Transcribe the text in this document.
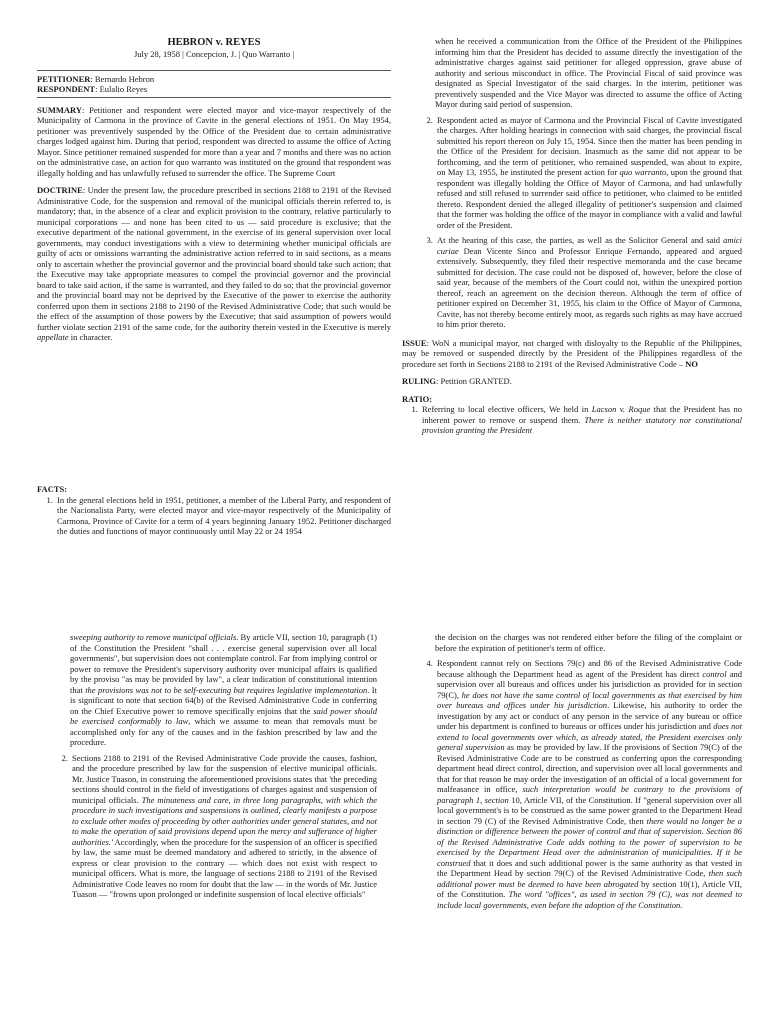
HEBRON v. REYES
July 28, 1958 | Concepcion, J. | Quo Warranto |
PETITIONER: Bernardo Hebron
RESPONDENT: Eulalio Reyes

SUMMARY: Petitioner and respondent were elected mayor and vice-mayor respectively of the Municipality of Carmona in the province of Cavite in the general elections of 1951. On May 1954, petitioner was preventively suspended by the Office of the President due to certain administrative charges lodged against him. During that period, respondent was directed to assume the office of Acting Mayor. Since petitioner remained suspended for more than a year and 7 months and there was no action on the administrative case, an action for quo warranto was instituted on the ground that respondent was illegally holding and has unlawfully refused to surrender the office. The Supreme Court

DOCTRINE: Under the present law, the procedure prescribed in sections 2188 to 2191 of the Revised Administrative Code, for the suspension and removal of the municipal officials therein referred to, is mandatory; that, in the absence of a clear and explicit provision to the contrary, relative particularly to municipal corporations — and none has been cited to us — said procedure is exclusive; that the executive department of the national government, in the exercise of its general supervision over local governments, may conduct investigations with a view to determining whether municipal officials are guilty of acts or omissions warranting the administrative action referred to in said sections, as a means only to ascertain whether the provincial governor and the provincial board should take such action; that the Executive may take appropriate measures to compel the provincial governor and the provincial board to take said action, if the same is warranted, and they failed to do so; that the provincial governor and the provincial board may not be deprived by the Executive of the power to exercise the authority conferred upon them in sections 2188 to 2190 of the Revised Administrative Code; that such would be the effect of the assumption of those powers by the Executive; that said assumption of powers would further violate section 2191 of the same code, for the authority therein vested in the Executive is merely appellate in character.

FACTS:
1. In the general elections held in 1951, petitioner, a member of the Liberal Party, and respondent of the Nacionalista Party, were elected mayor and vice-mayor respectively of the Municipality of Carmona, Province of Cavite for a term of 4 years beginning January 1952. Petitioner discharged the duties and functions of mayor continuously until May 22 or 24 1954
when he received a communication from the Office of the President of the Philippines informing him that the President has decided to assume directly the investigation of the administrative charges against said petitioner for alleged oppression, grave abuse of authority and serious misconduct in office. The Provincial Fiscal of said province was designated as Special Investigator of the said charges. In the interim, petitioner was preventively suspended and the Vice Mayor was directed to assume the office of Acting Mayor during said period of suspension.
2. Respondent acted as mayor of Carmona and the Provincial Fiscal of Cavite investigated the charges. After holding hearings in connection with said charges, the provincial fiscal submitted his report thereon on July 15, 1954. Since then the matter has been pending in the Office of the President for decision. Inasmuch as the same did not appear to be forthcoming, and the term of petitioner, who remained suspended, was about to expire, on May 13, 1955, he instituted the present action for quo warranto, upon the ground that respondent was illegally holding the Office of Mayor of Carmona, and had unlawfully refused and still refused to surrender said office to petitioner, who claimed to be entitled thereto. Respondent denied the alleged illegality of petitioner's suspension and claimed that the former was holding the office of the mayor in compliance with a valid and lawful order of the President.
3. At the hearing of this case, the parties, as well as the Solicitor General and said amici curiae Dean Vicente Sinco and Professor Enrique Fernando, appeared and argued extensively. Subsequently, they filed their respective memoranda and the case became submitted for decision. The case could not be disposed of, however, before the close of said year, because of the members of the Court could not, within the unexpired portion thereof, reach an agreement on the decision thereon. Although the term of office of petitioner expired on December 31, 1955, his claim to the Office of Mayor of Carmona, Cavite, has not thereby become entirely moot, as regards such rights as may have accrued to him prior thereto.

ISSUE: WoN a municipal mayor, not charged with disloyalty to the Republic of the Philippines, may be removed or suspended directly by the President of the Philippines regardless of the procedure set forth in Sections 2188 to 2191 of the Revised Administrative Code – NO

RULING: Petition GRANTED.

RATIO:
1. Referring to local elective officers, We held in Lacson v. Roque that the President has no inherent power to remove or suspend them. There is neither statutory nor constitutional provision granting the President
sweeping authority to remove municipal officials. By article VII, section 10, paragraph (1) of the Constitution the President "shall . . . exercise general supervision over all local governments", but supervision does not contemplate control. Far from implying control or power to remove the President's supervisory authority over municipal affairs is qualified by the proviso "as may be provided by law", a clear indication of constitutional intention that the provisions was not to be self-executing but requires legislative implementation. It is significant to note that section 64(b) of the Revised Administrative Code in conferring on the Chief Executive power to remove specifically enjoins that the said power should be exercised conformably to law, which we assume to mean that removals must be accomplished only for any of the causes and in the fashion prescribed by law and the procedure.
2. Sections 2188 to 2191 of the Revised Administrative Code provide the causes, fashion, and the procedure prescribed by law for the suspension of elective municipal officials. Mr. Justice Tuason, in construing the aforementioned provisions states that 'the preceding sections should control in the field of investigations of charges against and suspension of municipal officials. The minuteness and care, in three long paragraphs, with which the procedure in such investigations and suspensions is outlined, clearly manifests a purpose to exclude other modes of proceeding by other authorities under general statutes, and not to make the operation of said provisions depend upon the mercy and sufferance of higher authorities.' Accordingly, when the procedure for the suspension of an officer is specified by law, the same must be deemed mandatory and adhered to strictly, in the absence of express or clear provision to the contrary — which does not exist with respect to municipal officers. What is more, the language of sections 2188 to 2191 of the Revised Administrative Code leaves no room for doubt that the law — in the words of Mr. Justice Tuason — "frowns upon prolonged or indefinite suspension of local elective officials"
the decision on the charges was not rendered either before the filing of the complaint or before the expiration of petitioner's term of office.
4. Respondent cannot rely on Sections 79(c) and 86 of the Revised Administrative Code because although the Department head as agent of the President has direct control and supervision over all bureaus and offices under his jurisdiction as provided for in section 79(C), he does not have the same control of local governments as that exercised by him over bureaus and offices under his jurisdiction. Likewise, his authority to order the investigation by any act or conduct of any person in the service of any bureau or office under his department is confined to bureaus or offices under his jurisdiction and does not extend to local governments over which, as already stated, the President exercises only general supervision as may be provided by law. If the provisions of Section 79(C) of the Revised Administrative Code are to be construed as conferring upon the corresponding department head direct control, direction, and supervision over all local governments and that for that reason he may order the investigation of an official of a local government for malfeasance in office, such interpretation would be contrary to the provisions of paragraph 1, section 10, Article VII, of the Constitution. If "general supervision over all local government's is to be construed as the same power granted to the Department Head in section 79 (C) of the Revised Administrative Code, then there would no longer be a distinction or difference between the power of control and that of supervision. Section 86 of the Revised Administrative Code adds nothing to the power of supervision to be exercised by the Department Head over the administration of municipalities. If it be construed that it does and such additional power is the same authority as that vested in the Department Head by section 79(C) of the Revised Administrative Code, then such additional power must be deemed to have been abrogated by section 10(1), Article VII, of the Constitution. The word "offices", as used in section 79 (C), was not deemed to include local governments, even before the adoption of the Constitution.
